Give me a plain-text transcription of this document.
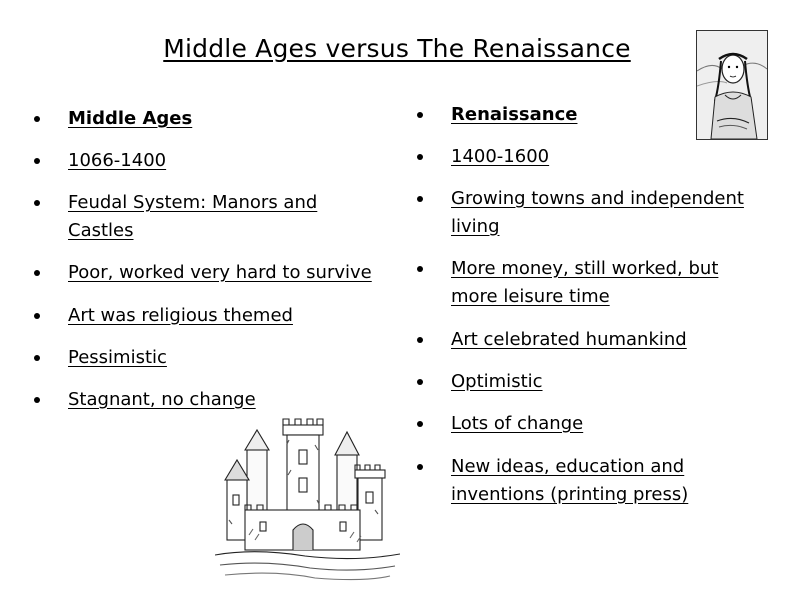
Middle Ages versus The Renaissance
Middle Ages
1066-1400
Feudal System: Manors and Castles
Poor, worked very hard to survive
Art was religious themed
Pessimistic
Stagnant, no change
Renaissance
1400-1600
Growing towns and independent living
More money, still worked, but more leisure time
Art celebrated humankind
Optimistic
Lots of change
New ideas, education and inventions (printing press)
